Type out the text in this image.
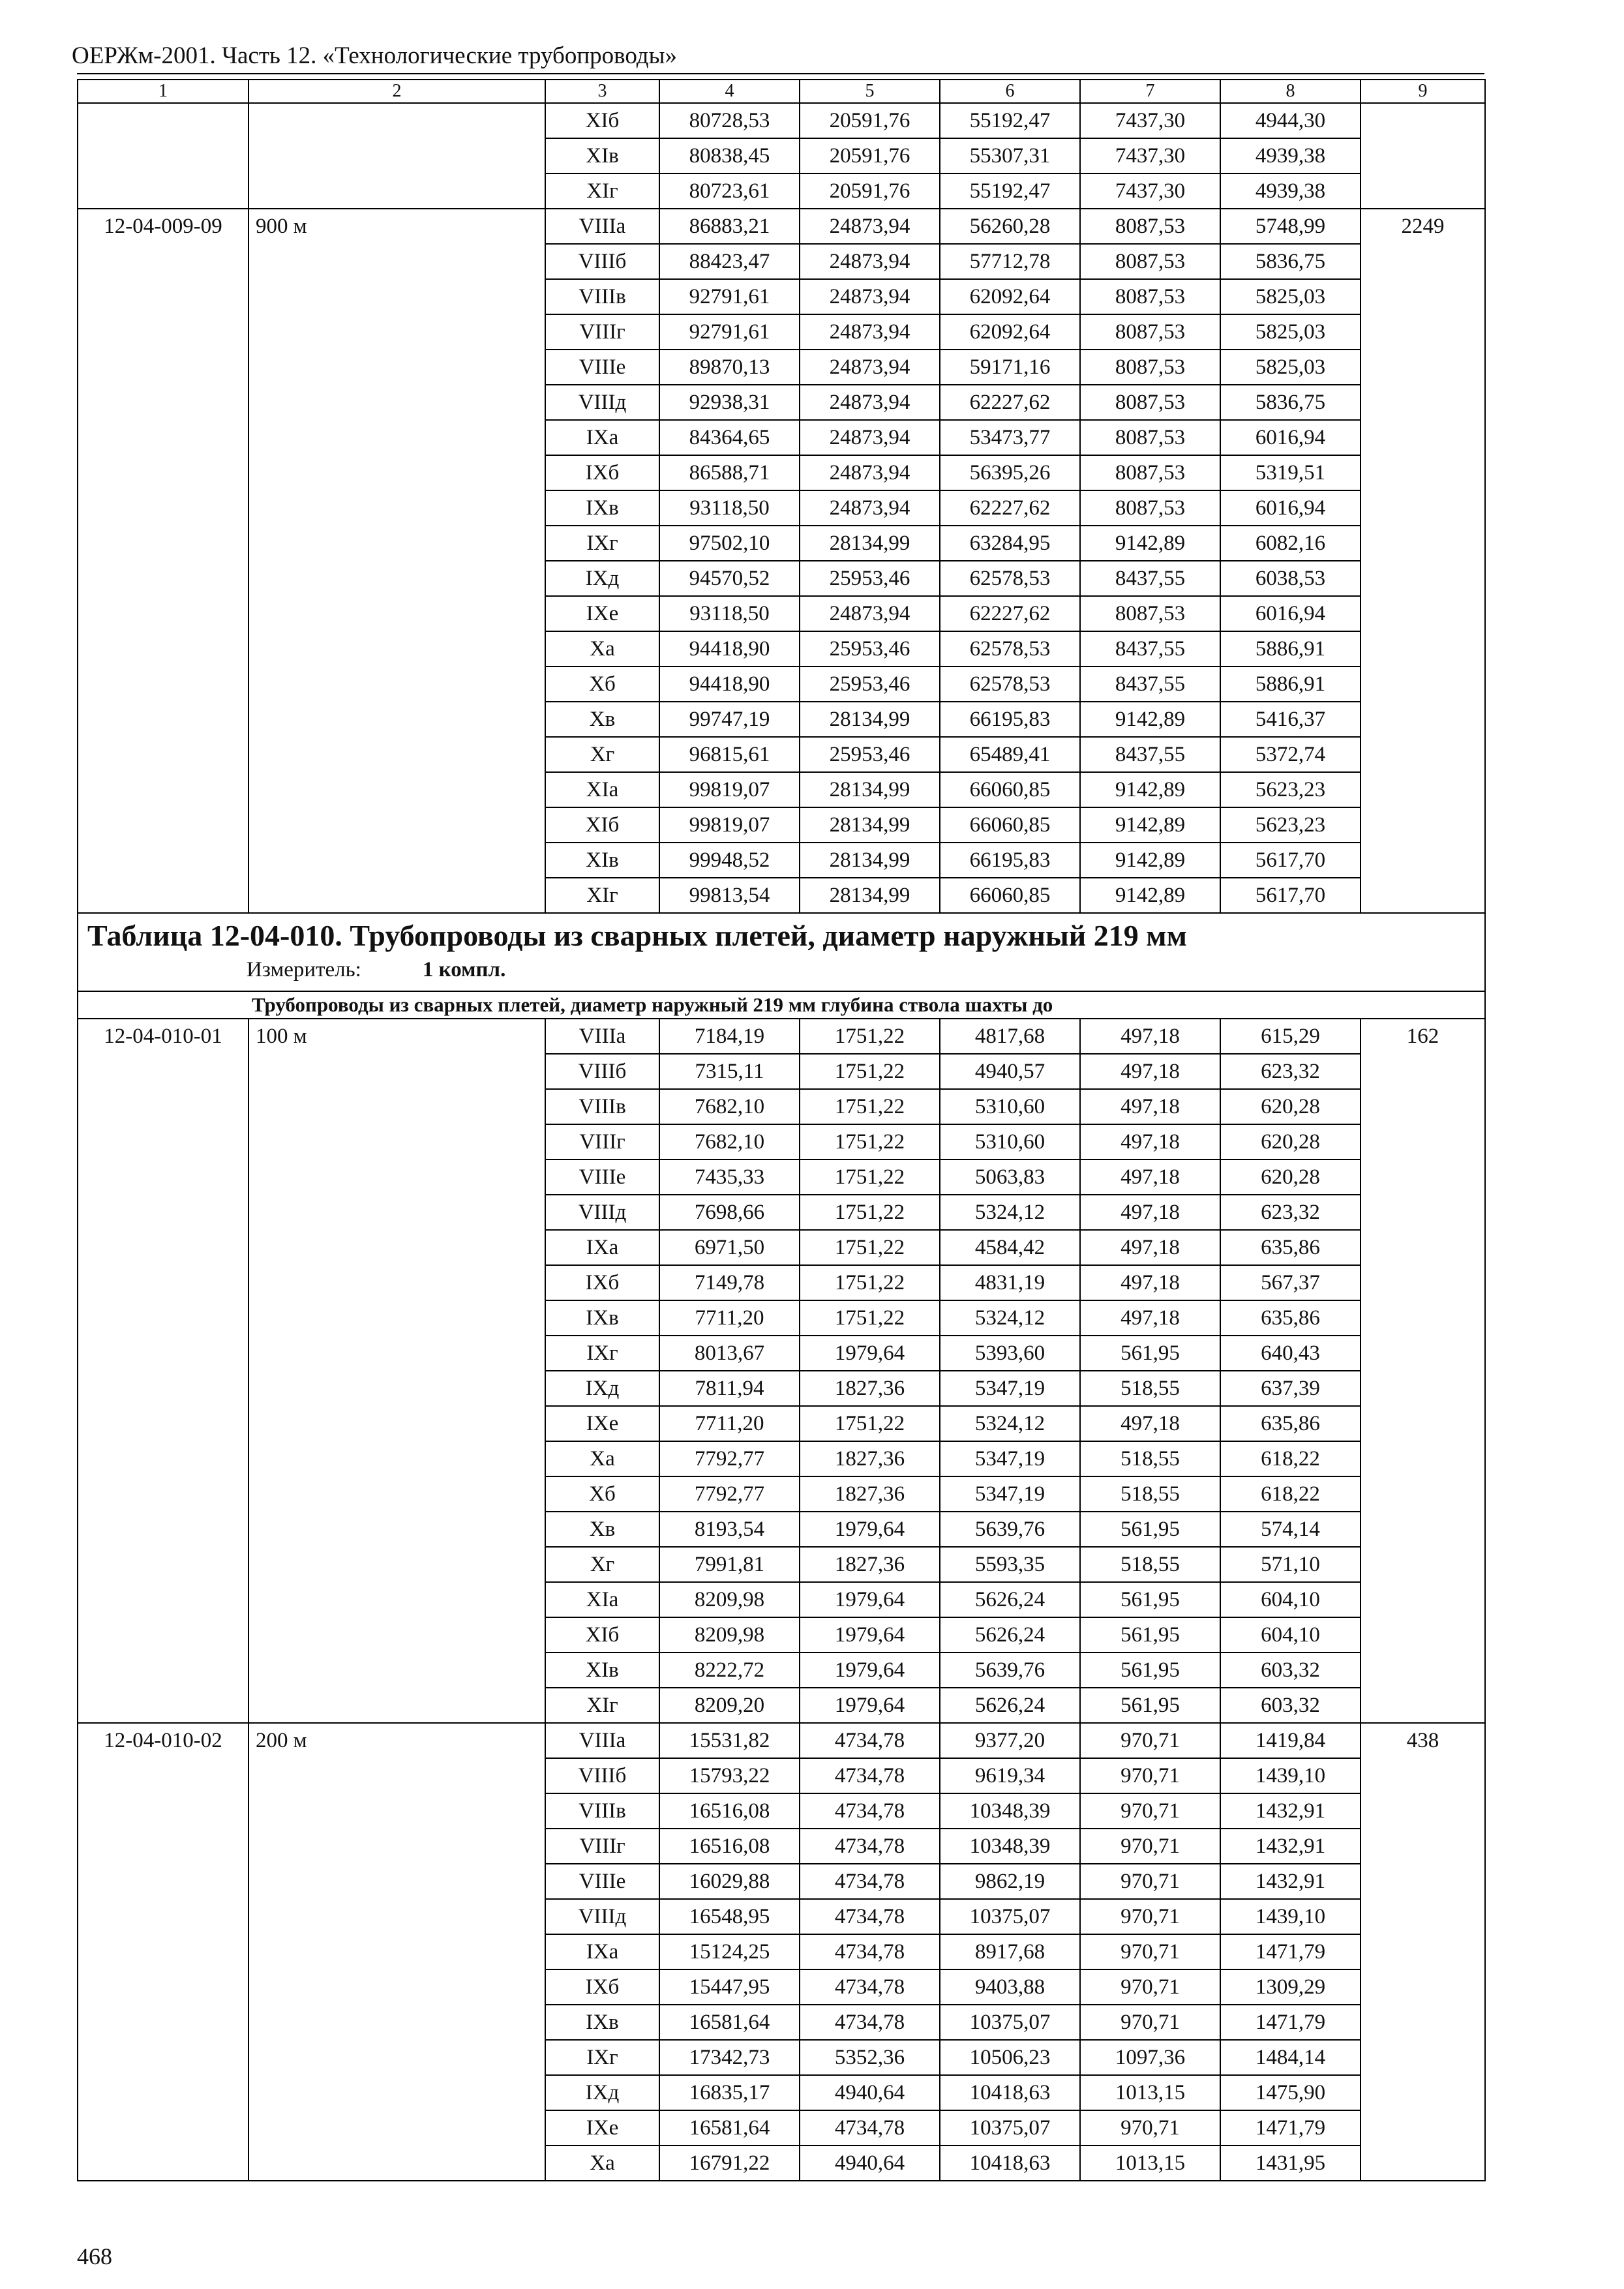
ОЕРЖм-2001. Часть 12. «Технологические трубопроводы»
1	2	3	4	5	6	7	8	9
		XIб	80728,53	20591,76	55192,47	7437,30	4944,30	
		XIв	80838,45	20591,76	55307,31	7437,30	4939,38	
		XIг	80723,61	20591,76	55192,47	7437,30	4939,38	
12-04-009-09	900 м	VIIIа	86883,21	24873,94	56260,28	8087,53	5748,99	2249
		VIIIб	88423,47	24873,94	57712,78	8087,53	5836,75	
		VIIIв	92791,61	24873,94	62092,64	8087,53	5825,03	
		VIIIг	92791,61	24873,94	62092,64	8087,53	5825,03	
		VIIIе	89870,13	24873,94	59171,16	8087,53	5825,03	
		VIIIд	92938,31	24873,94	62227,62	8087,53	5836,75	
		IXа	84364,65	24873,94	53473,77	8087,53	6016,94	
		IXб	86588,71	24873,94	56395,26	8087,53	5319,51	
		IXв	93118,50	24873,94	62227,62	8087,53	6016,94	
		IXг	97502,10	28134,99	63284,95	9142,89	6082,16	
		IXд	94570,52	25953,46	62578,53	8437,55	6038,53	
		IXе	93118,50	24873,94	62227,62	8087,53	6016,94	
		Xа	94418,90	25953,46	62578,53	8437,55	5886,91	
		Xб	94418,90	25953,46	62578,53	8437,55	5886,91	
		Xв	99747,19	28134,99	66195,83	9142,89	5416,37	
		Xг	96815,61	25953,46	65489,41	8437,55	5372,74	
		XIа	99819,07	28134,99	66060,85	9142,89	5623,23	
		XIб	99819,07	28134,99	66060,85	9142,89	5623,23	
		XIв	99948,52	28134,99	66195,83	9142,89	5617,70	
		XIг	99813,54	28134,99	66060,85	9142,89	5617,70	

Таблица 12-04-010. Трубопроводы из сварных плетей, диаметр наружный 219 мм
Измеритель: 1 компл.								

Трубопроводы из сварных плетей, диаметр наружный 219 мм глубина ствола шахты до								
12-04-010-01	100 м	VIIIа	7184,19	1751,22	4817,68	497,18	615,29	162
		VIIIб	7315,11	1751,22	4940,57	497,18	623,32	
		VIIIв	7682,10	1751,22	5310,60	497,18	620,28	
		VIIIг	7682,10	1751,22	5310,60	497,18	620,28	
		VIIIе	7435,33	1751,22	5063,83	497,18	620,28	
		VIIIд	7698,66	1751,22	5324,12	497,18	623,32	
		IXа	6971,50	1751,22	4584,42	497,18	635,86	
		IXб	7149,78	1751,22	4831,19	497,18	567,37	
		IXв	7711,20	1751,22	5324,12	497,18	635,86	
		IXг	8013,67	1979,64	5393,60	561,95	640,43	
		IXд	7811,94	1827,36	5347,19	518,55	637,39	
		IXе	7711,20	1751,22	5324,12	497,18	635,86	
		Xа	7792,77	1827,36	5347,19	518,55	618,22	
		Xб	7792,77	1827,36	5347,19	518,55	618,22	
		Xв	8193,54	1979,64	5639,76	561,95	574,14	
		Xг	7991,81	1827,36	5593,35	518,55	571,10	
		XIа	8209,98	1979,64	5626,24	561,95	604,10	
		XIб	8209,98	1979,64	5626,24	561,95	604,10	
		XIв	8222,72	1979,64	5639,76	561,95	603,32	
		XIг	8209,20	1979,64	5626,24	561,95	603,32	
12-04-010-02	200 м	VIIIа	15531,82	4734,78	9377,20	970,71	1419,84	438
		VIIIб	15793,22	4734,78	9619,34	970,71	1439,10	
		VIIIв	16516,08	4734,78	10348,39	970,71	1432,91	
		VIIIг	16516,08	4734,78	10348,39	970,71	1432,91	
		VIIIе	16029,88	4734,78	9862,19	970,71	1432,91	
		VIIIд	16548,95	4734,78	10375,07	970,71	1439,10	
		IXа	15124,25	4734,78	8917,68	970,71	1471,79	
		IXб	15447,95	4734,78	9403,88	970,71	1309,29	
		IXв	16581,64	4734,78	10375,07	970,71	1471,79	
		IXг	17342,73	5352,36	10506,23	1097,36	1484,14	
		IXд	16835,17	4940,64	10418,63	1013,15	1475,90	
		IXе	16581,64	4734,78	10375,07	970,71	1471,79	
		Xа	16791,22	4940,64	10418,63	1013,15	1431,95	
468
